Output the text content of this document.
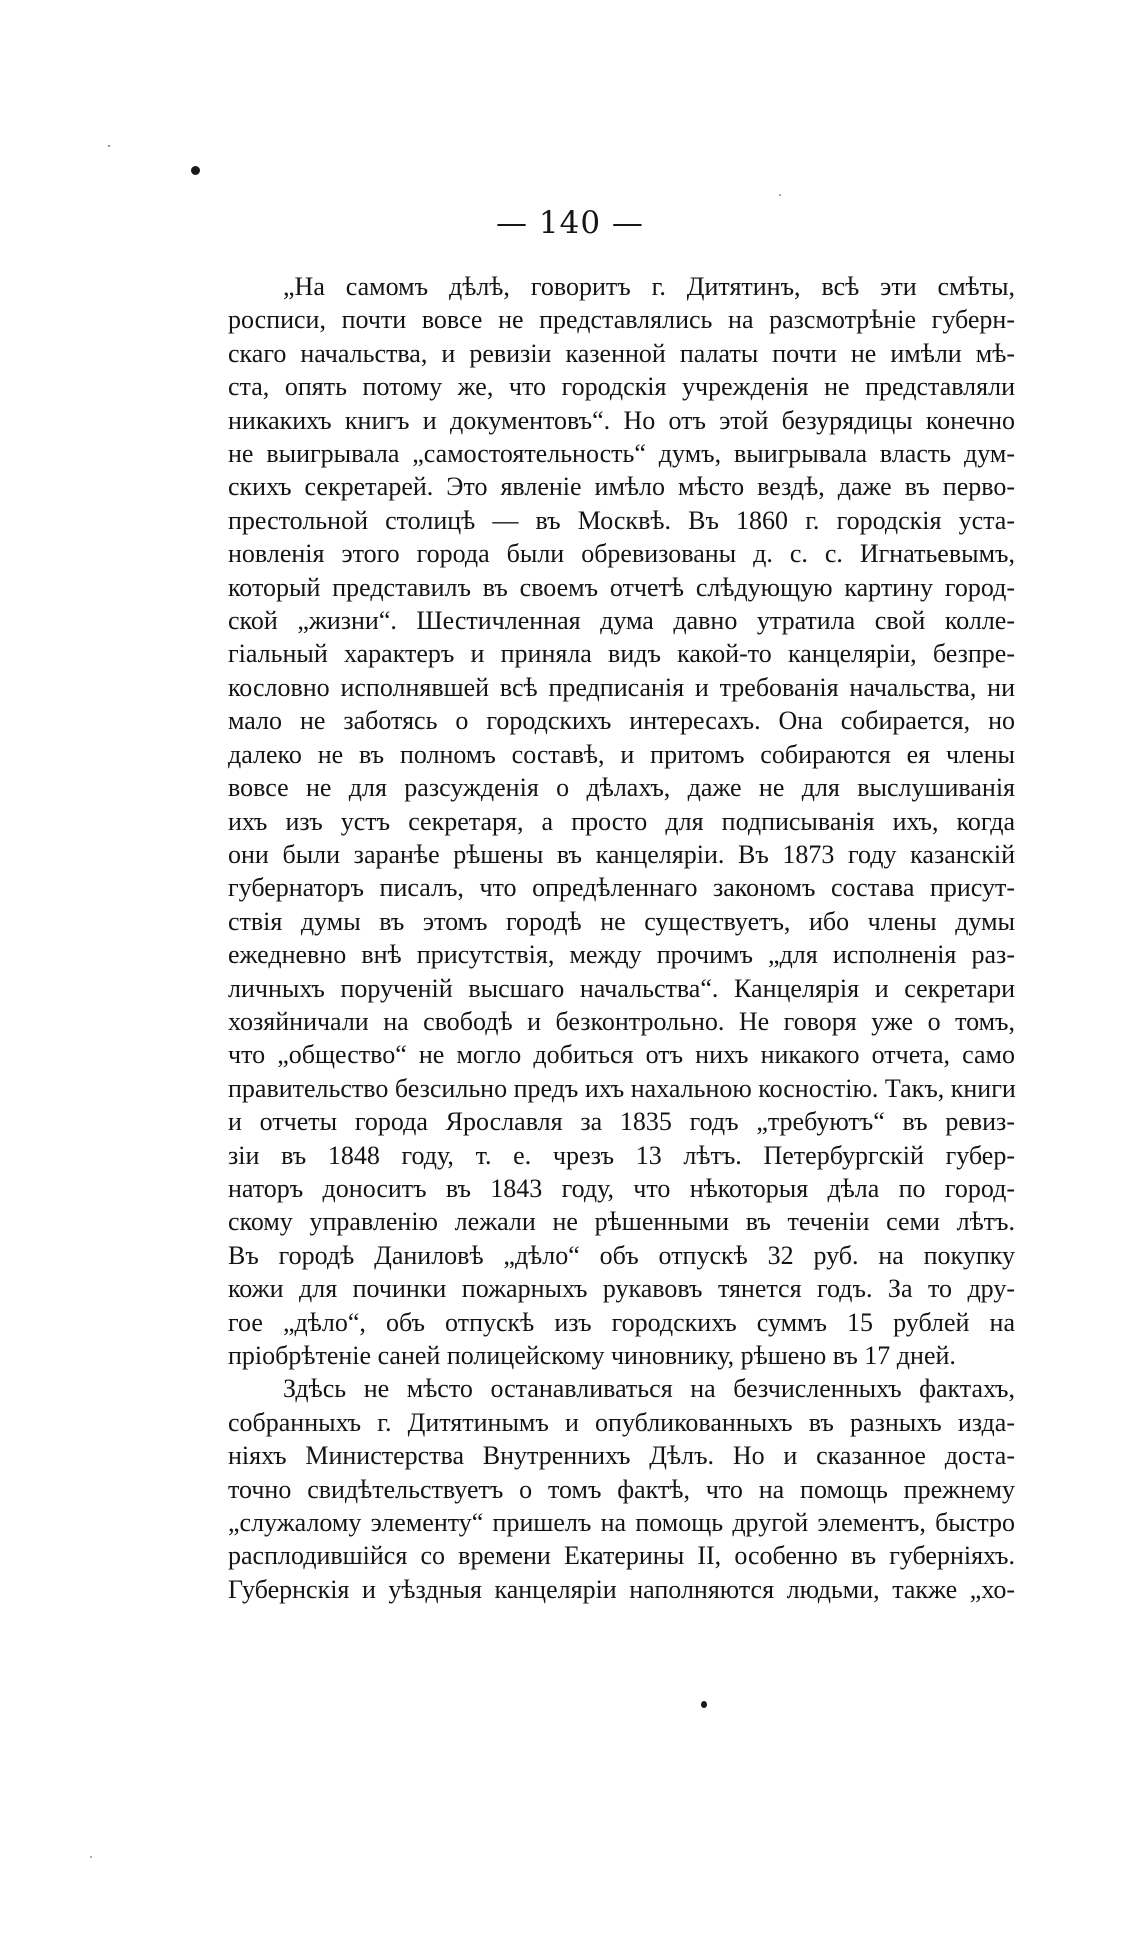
— 140 —
„На самомъ дѣлѣ, говоритъ г. Дитятинъ, всѣ эти смѣты,
росписи, почти вовсе не представлялись на разсмотрѣніе губерн-
скаго начальства, и ревизіи казенной палаты почти не имѣли мѣ-
ста, опять потому же, что городскія учрежденія не представляли
никакихъ книгъ и документовъ“. Но отъ этой безурядицы конечно
не выигрывала „самостоятельность“ думъ, выигрывала власть дум-
скихъ секретарей. Это явленіе имѣло мѣсто вездѣ, даже въ перво-
престольной столицѣ — въ Москвѣ. Въ 1860 г. городскія уста-
новленія этого города были обревизованы д. с. с. Игнатьевымъ,
который представилъ въ своемъ отчетѣ слѣдующую картину город-
ской „жизни“. Шестичленная дума давно утратила свой колле-
гіальный характеръ и приняла видъ какой-то канцеляріи, безпре-
кословно исполнявшей всѣ предписанія и требованія начальства, ни
мало не заботясь о городскихъ интересахъ. Она собирается, но
далеко не въ полномъ составѣ, и притомъ собираются ея члены
вовсе не для разсужденія о дѣлахъ, даже не для выслушиванія
ихъ изъ устъ секретаря, а просто для подписыванія ихъ, когда
они были заранѣе рѣшены въ канцеляріи. Въ 1873 году казанскій
губернаторъ писалъ, что опредѣленнаго закономъ состава присут-
ствія думы въ этомъ городѣ не существуетъ, ибо члены думы
ежедневно внѣ присутствія, между прочимъ „для исполненія раз-
личныхъ порученій высшаго начальства“. Канцелярія и секретари
хозяйничали на свободѣ и безконтрольно. Не говоря уже о томъ,
что „общество“ не могло добиться отъ нихъ никакого отчета, само
правительство безсильно предъ ихъ нахальною косностію. Такъ, книги
и отчеты города Ярославля за 1835 годъ „требуютъ“ въ ревиз-
зіи въ 1848 году, т. е. чрезъ 13 лѣтъ. Петербургскій губер-
наторъ доноситъ въ 1843 году, что нѣкоторыя дѣла по город-
скому управленію лежали не рѣшенными въ теченіи семи лѣтъ.
Въ городѣ Даниловѣ „дѣло“ объ отпускѣ 32 руб. на покупку
кожи для починки пожарныхъ рукавовъ тянется годъ. За то дру-
гое „дѣло“, объ отпускѣ изъ городскихъ суммъ 15 рублей на
пріобрѣтеніе саней полицейскому чиновнику, рѣшено въ 17 дней.
Здѣсь не мѣсто останавливаться на безчисленныхъ фактахъ,
собранныхъ г. Дитятинымъ и опубликованныхъ въ разныхъ изда-
ніяхъ Министерства Внутреннихъ Дѣлъ. Но и сказанное доста-
точно свидѣтельствуетъ о томъ фактѣ, что на помощь прежнему
„служалому элементу“ пришелъ на помощь другой элементъ, быстро
расплодившійся со времени Екатерины II, особенно въ губерніяхъ.
Губернскія и уѣздныя канцеляріи наполняются людьми, также „хо-
